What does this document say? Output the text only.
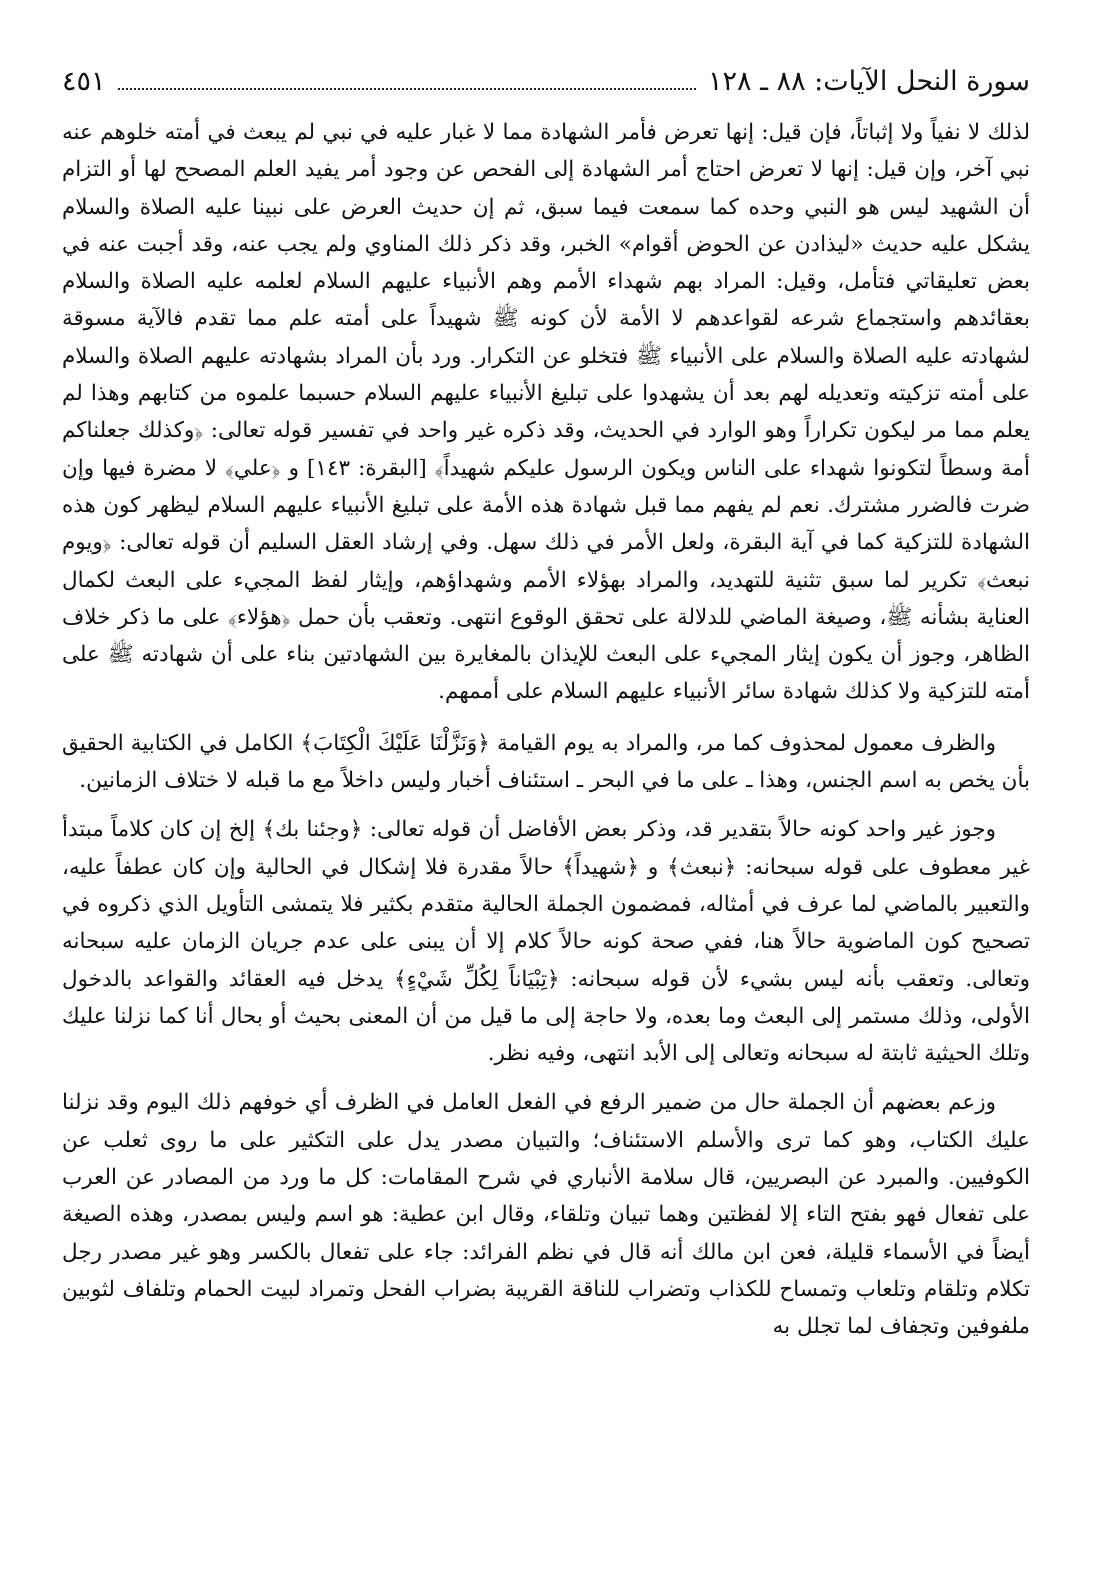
سورة النحل الآيات: ٨٨ ـ ١٢٨
٤٥١

لذلك لا نفياً ولا إثباتاً، فإن قيل: إنها تعرض فأمر الشهادة مما لا غبار عليه في نبي لم يبعث في أمته خلوهم عنه نبي آخر، وإن قيل: إنها لا تعرض احتاج أمر الشهادة إلى الفحص عن وجود أمر يفيد العلم المصحح لها أو التزام أن الشهيد ليس هو النبي وحده كما سمعت فيما سبق، ثم إن حديث العرض على نبينا عليه الصلاة والسلام يشكل عليه حديث «ليذادن عن الحوض أقوام» الخبر، وقد ذكر ذلك المناوي ولم يجب عنه، وقد أجبت عنه في بعض تعليقاتي فتأمل، وقيل: المراد بهم شهداء الأمم وهم الأنبياء عليهم السلام لعلمه عليه الصلاة والسلام بعقائدهم واستجماع شرعه لقواعدهم لا الأمة لأن كونه ﷺ شهيداً على أمته علم مما تقدم فالآية مسوقة لشهادته عليه الصلاة والسلام على الأنبياء ﷺ فتخلو عن التكرار. ورد بأن المراد بشهادته عليهم الصلاة والسلام على أمته تزكيته وتعديله لهم بعد أن يشهدوا على تبليغ الأنبياء عليهم السلام حسبما علموه من كتابهم وهذا لم يعلم مما مر ليكون تكراراً وهو الوارد في الحديث، وقد ذكره غير واحد في تفسير قوله تعالى: ﴿وكذلك جعلناكم أمة وسطاً لتكونوا شهداء على الناس ويكون الرسول عليكم شهيداً﴾ [البقرة: ١٤٣] و ﴿علي﴾ لا مضرة فيها وإن ضرت فالضرر مشترك. نعم لم يفهم مما قبل شهادة هذه الأمة على تبليغ الأنبياء عليهم السلام ليظهر كون هذه الشهادة للتزكية كما في آية البقرة، ولعل الأمر في ذلك سهل. وفي إرشاد العقل السليم أن قوله تعالى: ﴿ويوم نبعث﴾ تكرير لما سبق تثنية للتهديد، والمراد بهؤلاء الأمم وشهداؤهم، وإيثار لفظ المجيء على البعث لكمال العناية بشأنه ﷺ، وصيغة الماضي للدلالة على تحقق الوقوع انتهى. وتعقب بأن حمل ﴿هؤلاء﴾ على ما ذكر خلاف الظاهر، وجوز أن يكون إيثار المجيء على البعث للإيذان بالمغايرة بين الشهادتين بناء على أن شهادته ﷺ على أمته للتزكية ولا كذلك شهادة سائر الأنبياء عليهم السلام على أممهم.

والظرف معمول لمحذوف كما مر، والمراد به يوم القيامة ﴿وَنَزَّلْنَا عَلَيْكَ الْكِتَابَ﴾ الكامل في الكتابية الحقيق بأن يخص به اسم الجنس، وهذا ـ على ما في البحر ـ استئناف أخبار وليس داخلاً مع ما قبله لا ختلاف الزمانين.

وجوز غير واحد كونه حالاً بتقدير قد، وذكر بعض الأفاضل أن قوله تعالى: ﴿وجئنا بك﴾ إلخ إن كان كلاماً مبتدأ غير معطوف على قوله سبحانه: ﴿نبعث﴾ و ﴿شهيداً﴾ حالاً مقدرة فلا إشكال في الحالية وإن كان عطفاً عليه، والتعبير بالماضي لما عرف في أمثاله، فمضمون الجملة الحالية متقدم بكثير فلا يتمشى التأويل الذي ذكروه في تصحيح كون الماضوية حالاً هنا، ففي صحة كونه حالاً كلام إلا أن يبنى على عدم جريان الزمان عليه سبحانه وتعالى. وتعقب بأنه ليس بشيء لأن قوله سبحانه: ﴿تِبْيَاناً لِكُلِّ شَيْءٍ﴾ يدخل فيه العقائد والقواعد بالدخول الأولى، وذلك مستمر إلى البعث وما بعده، ولا حاجة إلى ما قيل من أن المعنى بحيث أو بحال أنا كما نزلنا عليك وتلك الحيثية ثابتة له سبحانه وتعالى إلى الأبد انتهى، وفيه نظر.

وزعم بعضهم أن الجملة حال من ضمير الرفع في الفعل العامل في الظرف أي خوفهم ذلك اليوم وقد نزلنا عليك الكتاب، وهو كما ترى والأسلم الاستئناف؛ والتبيان مصدر يدل على التكثير على ما روى ثعلب عن الكوفيين. والمبرد عن البصريين، قال سلامة الأنباري في شرح المقامات: كل ما ورد من المصادر عن العرب على تفعال فهو بفتح التاء إلا لفظتين وهما تبيان وتلقاء، وقال ابن عطية: هو اسم وليس بمصدر، وهذه الصيغة أيضاً في الأسماء قليلة، فعن ابن مالك أنه قال في نظم الفرائد: جاء على تفعال بالكسر وهو غير مصدر رجل تكلام وتلقام وتلعاب وتمساح للكذاب وتضراب للناقة القريبة بضراب الفحل وتمراد لبيت الحمام وتلفاف لثوبين ملفوفين وتجفاف لما تجلل به
